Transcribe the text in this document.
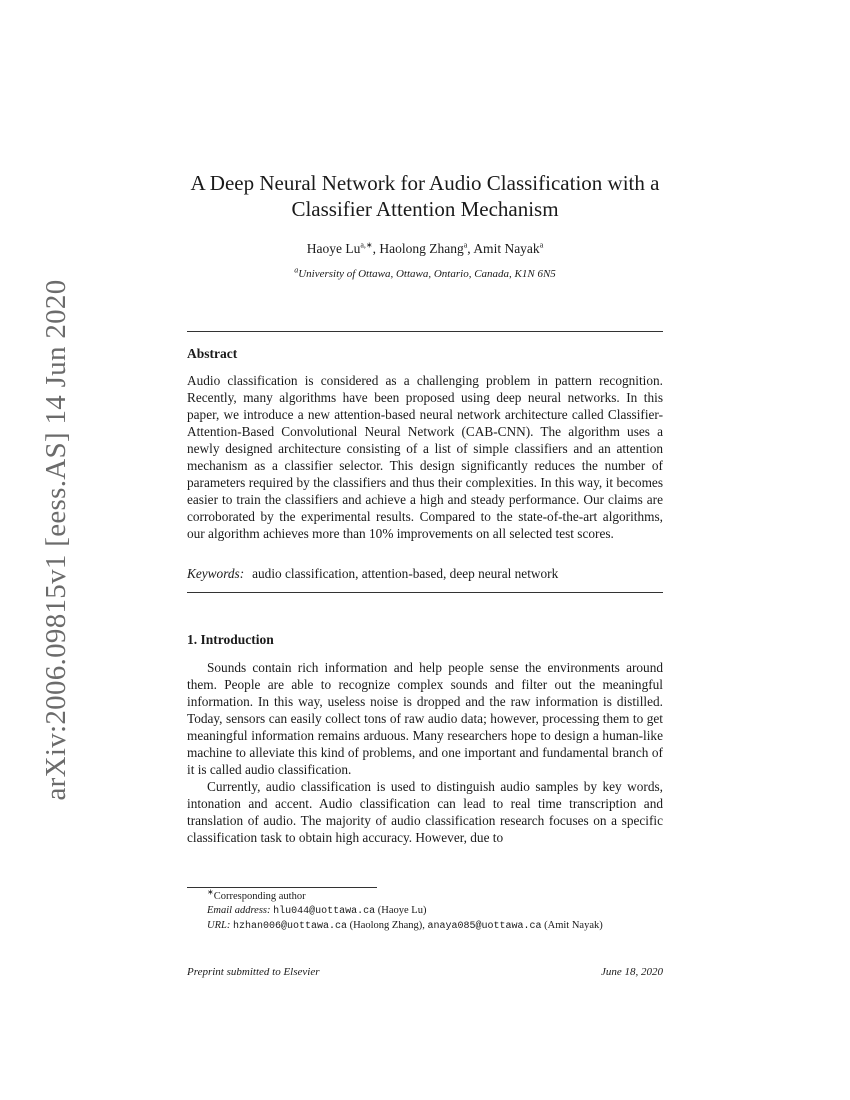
arXiv:2006.09815v1 [eess.AS] 14 Jun 2020
A Deep Neural Network for Audio Classification with a
Classifier Attention Mechanism
Haoye $Lu^{a,∗}$, Haolong Zhang$^a$, Amit Nayak$^a$
$^a$University of Ottawa, Ottawa, Ontario, Canada, K1N 6N5
Abstract
Audio classification is considered as a challenging problem in pattern recognition. Recently, many algorithms have been proposed using deep neural networks. In this paper, we introduce a new attention-based neural network architecture called Classifier-Attention-Based Convolutional Neural Network (CAB-CNN). The algorithm uses a newly designed architecture consisting of a list of simple classifiers and an attention mechanism as a classifier selector. This design significantly reduces the number of parameters required by the classifiers and thus their complexities. In this way, it becomes easier to train the classifiers and achieve a high and steady performance. Our claims are corroborated by the experimental results. Compared to the state-of-the-art algorithms, our algorithm achieves more than 10% improvements on all selected test scores.
Keywords: audio classification, attention-based, deep neural network
1. Introduction

Sounds contain rich information and help people sense the environments around them. People are able to recognize complex sounds and filter out the meaningful information. In this way, useless noise is dropped and the raw information is distilled. Today, sensors can easily collect tons of raw audio data; however, processing them to get meaningful information remains arduous. Many researchers hope to design a human-like machine to alleviate this kind of problems, and one important and fundamental branch of it is called audio classification.

Currently, audio classification is used to distinguish audio samples by key words, intonation and accent. Audio classification can lead to real time transcription and translation of audio. The majority of audio classification research focuses on a specific classification task to obtain high accuracy. However, due to

∗Corresponding author
Email address: hlu044@uottawa.ca (Haoye Lu)
URL: hzhan006@uottawa.ca (Haolong Zhang), anaya085@uottawa.ca (Amit Nayak)
Preprint submitted to Elsevier	June 18, 2020
